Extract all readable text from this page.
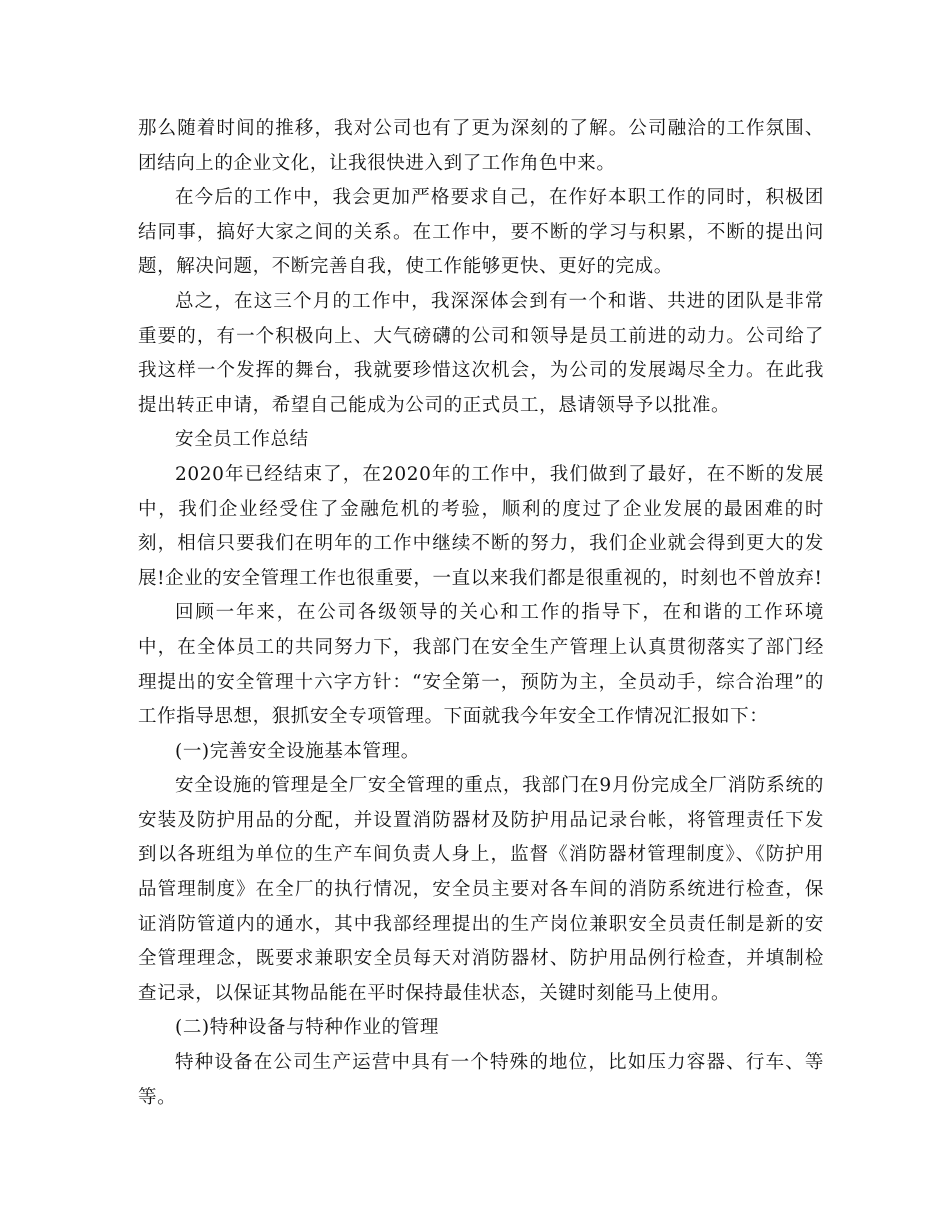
那么随着时间的推移，我对公司也有了更为深刻的了解。公司融洽的工作氛围、团结向上的企业文化，让我很快进入到了工作角色中来。

在今后的工作中，我会更加严格要求自己，在作好本职工作的同时，积极团结同事，搞好大家之间的关系。在工作中，要不断的学习与积累，不断的提出问题，解决问题，不断完善自我，使工作能够更快、更好的完成。

总之，在这三个月的工作中，我深深体会到有一个和谐、共进的团队是非常重要的，有一个积极向上、大气磅礴的公司和领导是员工前进的动力。公司给了我这样一个发挥的舞台，我就要珍惜这次机会，为公司的发展竭尽全力。在此我提出转正申请，希望自己能成为公司的正式员工，恳请领导予以批准。

安全员工作总结

2020年已经结束了，在2020年的工作中，我们做到了最好，在不断的发展中，我们企业经受住了金融危机的考验，顺利的度过了企业发展的最困难的时刻，相信只要我们在明年的工作中继续不断的努力，我们企业就会得到更大的发展!企业的安全管理工作也很重要，一直以来我们都是很重视的，时刻也不曾放弃!

回顾一年来，在公司各级领导的关心和工作的指导下，在和谐的工作环境中，在全体员工的共同努力下，我部门在安全生产管理上认真贯彻落实了部门经理提出的安全管理十六字方针：“安全第一，预防为主，全员动手，综合治理”的工作指导思想，狠抓安全专项管理。下面就我今年安全工作情况汇报如下：

(一)完善安全设施基本管理。

安全设施的管理是全厂安全管理的重点，我部门在9月份完成全厂消防系统的安装及防护用品的分配，并设置消防器材及防护用品记录台帐，将管理责任下发到以各班组为单位的生产车间负责人身上，监督《消防器材管理制度》、《防护用品管理制度》在全厂的执行情况，安全员主要对各车间的消防系统进行检查，保证消防管道内的通水，其中我部经理提出的生产岗位兼职安全员责任制是新的安全管理理念，既要求兼职安全员每天对消防器材、防护用品例行检查，并填制检查记录，以保证其物品能在平时保持最佳状态，关键时刻能马上使用。

(二)特种设备与特种作业的管理

特种设备在公司生产运营中具有一个特殊的地位，比如压力容器、行车、等等。
